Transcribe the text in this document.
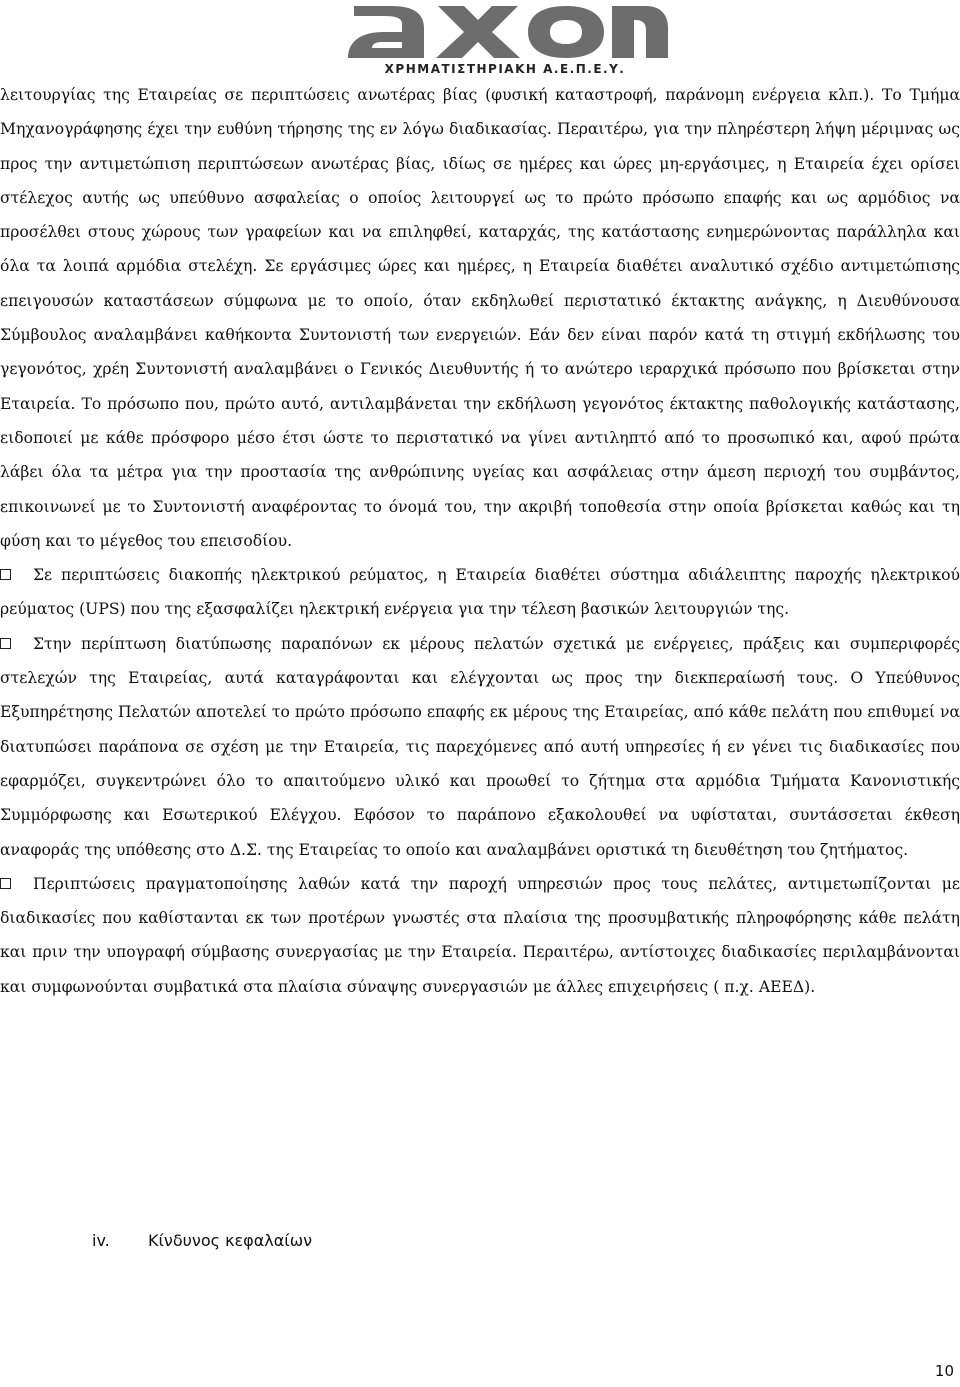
ΧΡΗΜΑΤΙΣΤΗΡΙΑΚΗ Α.Ε.Π.Ε.Υ.

λειτουργίας της Εταιρείας σε περιπτώσεις ανωτέρας βίας (φυσική καταστροφή, παράνομη ενέργεια κλπ.). Το Τμήμα Μηχανογράφησης έχει την ευθύνη τήρησης της εν λόγω διαδικασίας. Περαιτέρω, για την πληρέστερη λήψη μέριμνας ως προς την αντιμετώπιση περιπτώσεων ανωτέρας βίας, ιδίως σε ημέρες και ώρες μη-εργάσιμες, η Εταιρεία έχει ορίσει στέλεχος αυτής ως υπεύθυνο ασφαλείας ο οποίος λειτουργεί ως το πρώτο πρόσωπο επαφής και ως αρμόδιος να προσέλθει στους χώρους των γραφείων και να επιληφθεί, καταρχάς, της κατάστασης ενημερώνοντας παράλληλα και όλα τα λοιπά αρμόδια στελέχη. Σε εργάσιμες ώρες και ημέρες, η Εταιρεία διαθέτει αναλυτικό σχέδιο αντιμετώπισης επειγουσών καταστάσεων σύμφωνα με το οποίο, όταν εκδηλωθεί περιστατικό έκτακτης ανάγκης, η Διευθύνουσα Σύμβουλος αναλαμβάνει καθήκοντα Συντονιστή των ενεργειών. Εάν δεν είναι παρόν κατά τη στιγμή εκδήλωσης του γεγονότος, χρέη Συντονιστή αναλαμβάνει ο Γενικός Διευθυντής ή το ανώτερο ιεραρχικά πρόσωπο που βρίσκεται στην Εταιρεία. Το πρόσωπο που, πρώτο αυτό, αντιλαμβάνεται την εκδήλωση γεγονότος έκτακτης παθολογικής κατάστασης, ειδοποιεί με κάθε πρόσφορο μέσο έτσι ώστε το περιστατικό να γίνει αντιληπτό από το προσωπικό και, αφού πρώτα λάβει όλα τα μέτρα για την προστασία της ανθρώπινης υγείας και ασφάλειας στην άμεση περιοχή του συμβάντος, επικοινωνεί με το Συντονιστή αναφέροντας το όνομά του, την ακριβή τοποθεσία στην οποία βρίσκεται καθώς και τη φύση και το μέγεθος του επεισοδίου.

Σε περιπτώσεις διακοπής ηλεκτρικού ρεύματος, η Εταιρεία διαθέτει σύστημα αδιάλειπτης παροχής ηλεκτρικού ρεύματος (UPS) που της εξασφαλίζει ηλεκτρική ενέργεια για την τέλεση βασικών λειτουργιών της.

Στην περίπτωση διατύπωσης παραπόνων εκ μέρους πελατών σχετικά με ενέργειες, πράξεις και συμπεριφορές στελεχών της Εταιρείας, αυτά καταγράφονται και ελέγχονται ως προς την διεκπεραίωσή τους. Ο Υπεύθυνος Εξυπηρέτησης Πελατών αποτελεί το πρώτο πρόσωπο επαφής εκ μέρους της Εταιρείας, από κάθε πελάτη που επιθυμεί να διατυπώσει παράπονα σε σχέση με την Εταιρεία, τις παρεχόμενες από αυτή υπηρεσίες ή εν γένει τις διαδικασίες που εφαρμόζει, συγκεντρώνει όλο το απαιτούμενο υλικό και προωθεί το ζήτημα στα αρμόδια Τμήματα Κανονιστικής Συμμόρφωσης και Εσωτερικού Ελέγχου. Εφόσον το παράπονο εξακολουθεί να υφίσταται, συντάσσεται έκθεση αναφοράς της υπόθεσης στο Δ.Σ. της Εταιρείας το οποίο και αναλαμβάνει οριστικά τη διευθέτηση του ζητήματος.

Περιπτώσεις πραγματοποίησης λαθών κατά την παροχή υπηρεσιών προς τους πελάτες, αντιμετωπίζονται με διαδικασίες που καθίστανται εκ των προτέρων γνωστές στα πλαίσια της προσυμβατικής πληροφόρησης κάθε πελάτη και πριν την υπογραφή σύμβασης συνεργασίας με την Εταιρεία. Περαιτέρω, αντίστοιχες διαδικασίες περιλαμβάνονται και συμφωνούνται συμβατικά στα πλαίσια σύναψης συνεργασιών με άλλες επιχειρήσεις ( π.χ. ΑΕΕΔ).

iv. Κίνδυνος κεφαλαίων
10
